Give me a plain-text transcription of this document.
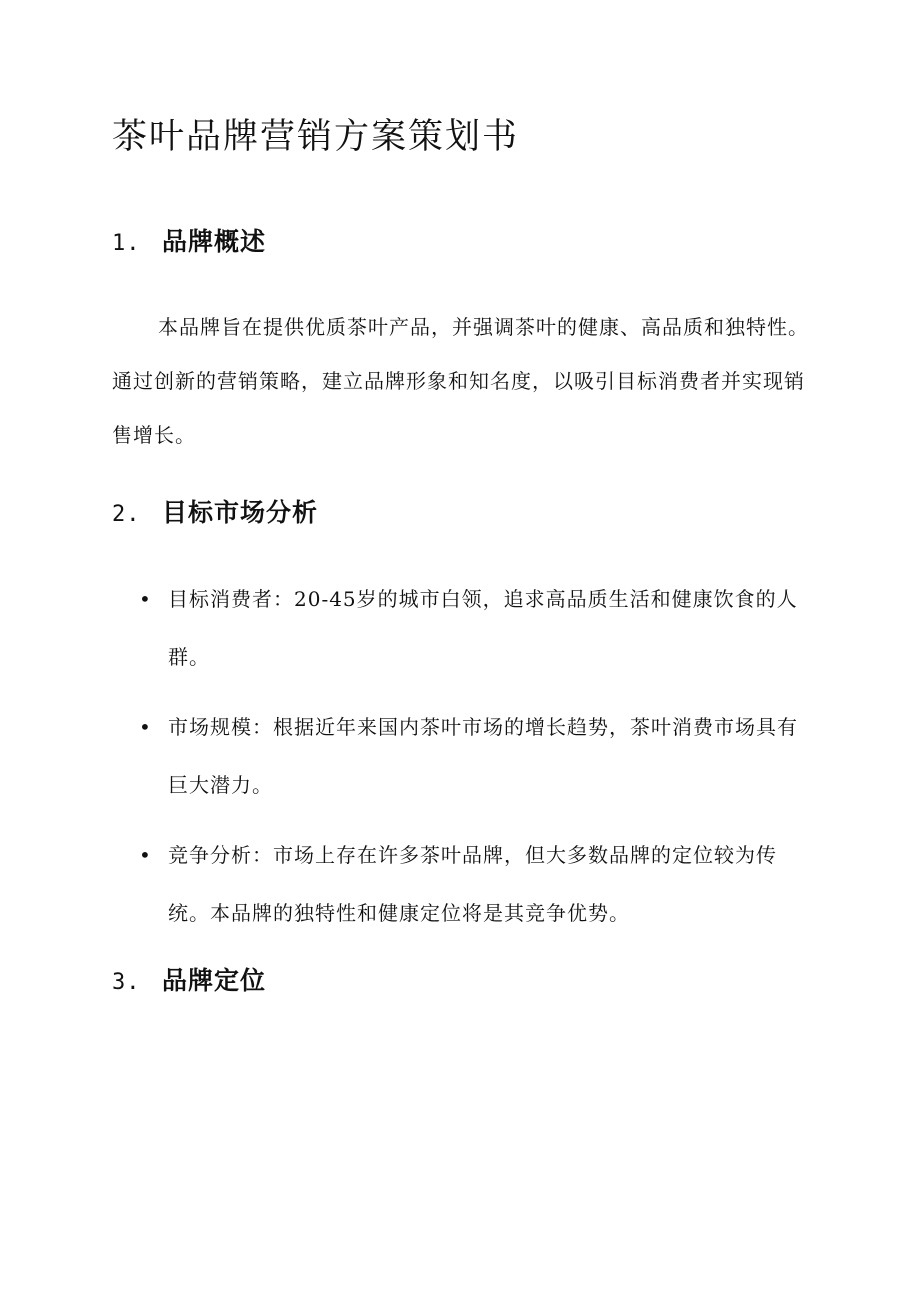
茶叶品牌营销方案策划书
1. 品牌概述

本品牌旨在提供优质茶叶产品，并强调茶叶的健康、高品质和独特性。通过创新的营销策略，建立品牌形象和知名度，以吸引目标消费者并实现销售增长。

2. 目标市场分析
• 目标消费者：20-45岁的城市白领，追求高品质生活和健康饮食的人群。
• 市场规模：根据近年来国内茶叶市场的增长趋势，茶叶消费市场具有巨大潜力。
• 竞争分析：市场上存在许多茶叶品牌，但大多数品牌的定位较为传统。本品牌的独特性和健康定位将是其竞争优势。
3. 品牌定位
